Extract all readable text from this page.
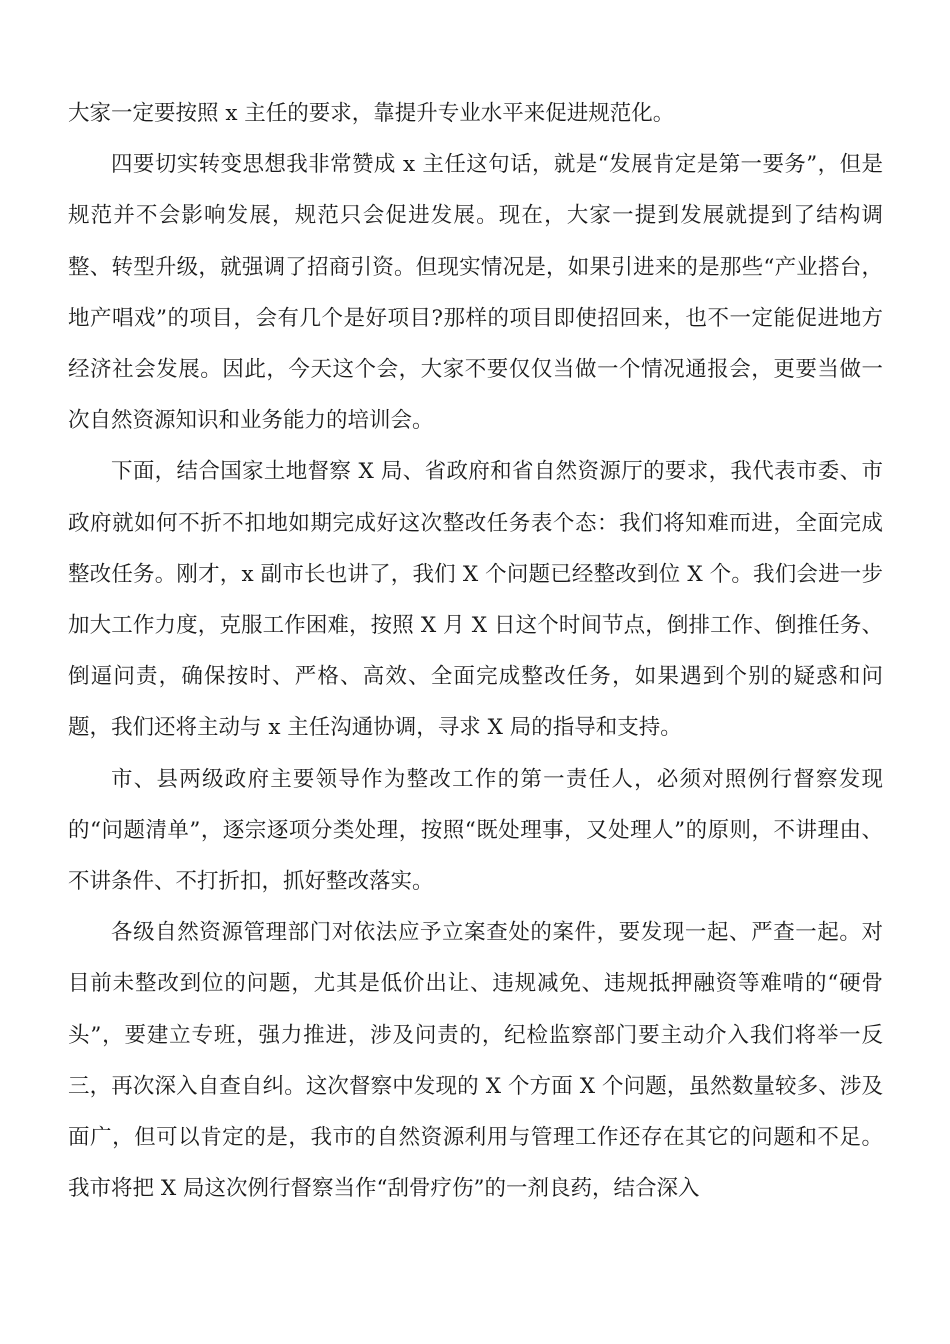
大家一定要按照 x 主任的要求，靠提升专业水平来促进规范化。

四要切实转变思想我非常赞成 x 主任这句话，就是“发展肯定是第一要务”，但是规范并不会影响发展，规范只会促进发展。现在，大家一提到发展就提到了结构调整、转型升级，就强调了招商引资。但现实情况是，如果引进来的是那些“产业搭台，地产唱戏”的项目，会有几个是好项目?那样的项目即使招回来，也不一定能促进地方经济社会发展。因此，今天这个会，大家不要仅仅当做一个情况通报会，更要当做一次自然资源知识和业务能力的培训会。

下面，结合国家土地督察 X 局、省政府和省自然资源厅的要求，我代表市委、市政府就如何不折不扣地如期完成好这次整改任务表个态：我们将知难而进，全面完成整改任务。刚才，x 副市长也讲了，我们 X 个问题已经整改到位 X 个。我们会进一步加大工作力度，克服工作困难，按照 X 月 X 日这个时间节点，倒排工作、倒推任务、倒逼问责，确保按时、严格、高效、全面完成整改任务，如果遇到个别的疑惑和问题，我们还将主动与 x 主任沟通协调，寻求 X 局的指导和支持。

市、县两级政府主要领导作为整改工作的第一责任人，必须对照例行督察发现的“问题清单”，逐宗逐项分类处理，按照“既处理事，又处理人”的原则，不讲理由、不讲条件、不打折扣，抓好整改落实。

各级自然资源管理部门对依法应予立案查处的案件，要发现一起、严查一起。对目前未整改到位的问题，尤其是低价出让、违规减免、违规抵押融资等难啃的“硬骨头”，要建立专班，强力推进，涉及问责的，纪检监察部门要主动介入我们将举一反三，再次深入自查自纠。这次督察中发现的 X 个方面 X 个问题，虽然数量较多、涉及面广，但可以肯定的是，我市的自然资源利用与管理工作还存在其它的问题和不足。我市将把 X 局这次例行督察当作“刮骨疗伤”的一剂良药，结合深入
